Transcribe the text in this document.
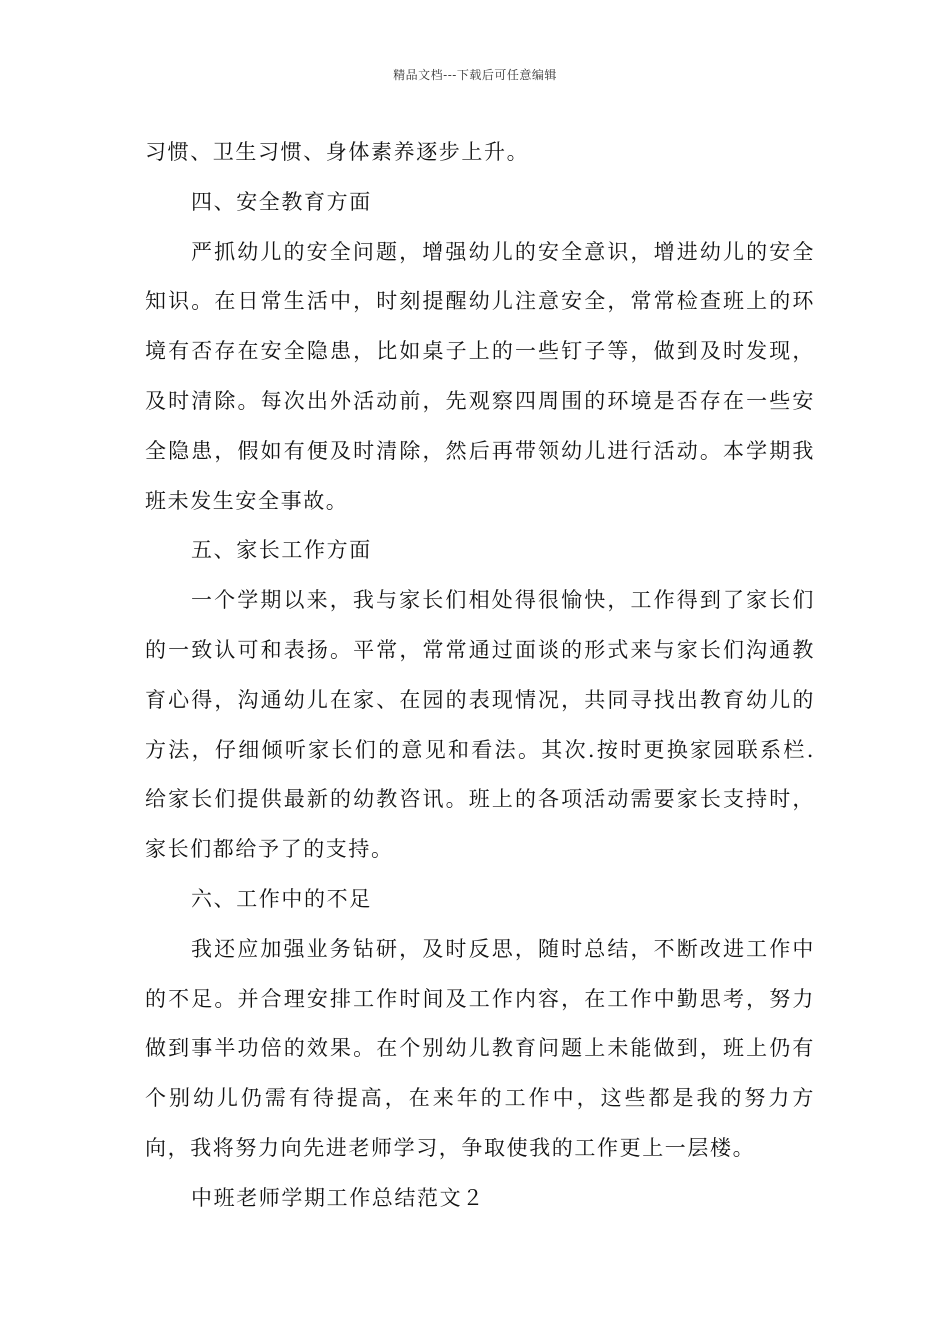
精品文档---下载后可任意编辑

习惯、卫生习惯、身体素养逐步上升。

四、安全教育方面

严抓幼儿的安全问题，增强幼儿的安全意识，增进幼儿的安全知识。在日常生活中，时刻提醒幼儿注意安全，常常检查班上的环境有否存在安全隐患，比如桌子上的一些钉子等，做到及时发现，及时清除。每次出外活动前，先观察四周围的环境是否存在一些安全隐患，假如有便及时清除，然后再带领幼儿进行活动。本学期我班未发生安全事故。

五、家长工作方面

一个学期以来，我与家长们相处得很愉快，工作得到了家长们的一致认可和表扬。平常，常常通过面谈的形式来与家长们沟通教育心得，沟通幼儿在家、在园的表现情况，共同寻找出教育幼儿的方法，仔细倾听家长们的意见和看法。其次.按时更换家园联系栏.给家长们提供最新的幼教咨讯。班上的各项活动需要家长支持时，家长们都给予了的支持。

六、工作中的不足

我还应加强业务钻研，及时反思，随时总结，不断改进工作中的不足。并合理安排工作时间及工作内容，在工作中勤思考，努力做到事半功倍的效果。在个别幼儿教育问题上未能做到，班上仍有个别幼儿仍需有待提高，在来年的工作中，这些都是我的努力方向，我将努力向先进老师学习，争取使我的工作更上一层楼。

中班老师学期工作总结范文２
